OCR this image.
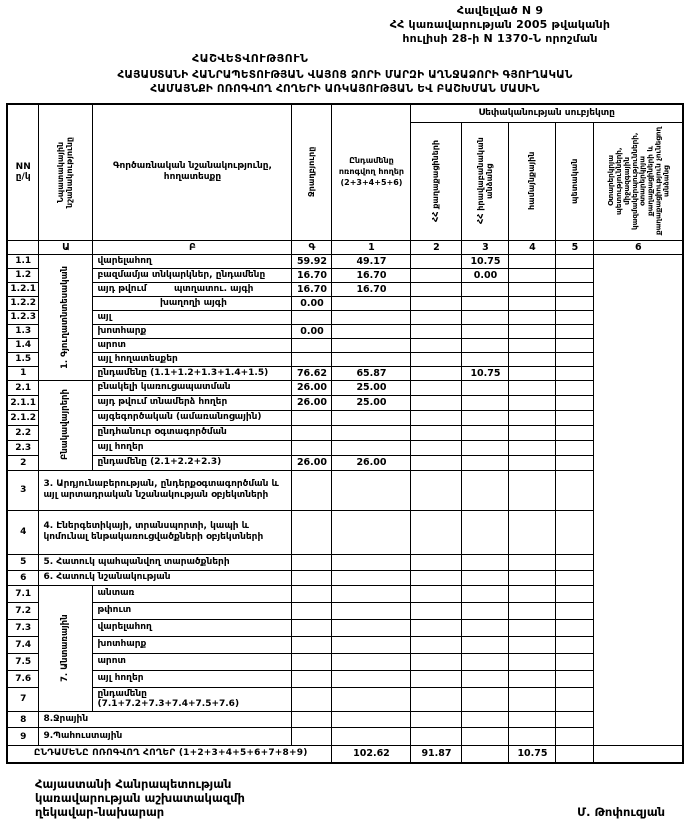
Հավելված N 9
ՀՀ կառավարության 2005 թվականի
հուլիսի 28-ի N 1370-Ն որոշման
ՀԱՇՎԵՏՎՈՒԹՅՈՒՆ
ՀԱՅԱՍՏԱՆԻ ՀԱՆՐԱՊԵՏՈՒԹՅԱՆ ՎԱՅՈՑ ՁՈՐԻ ՄԱՐԶԻ ԱՂՆՋԱՁՈՐԻ ԳՅՈՒՂԱԿԱՆ
ՀԱՄԱՅՆՔԻ ՈՌՈԳՎՈՂ ՀՈՂԵՐԻ ԱՌԿԱՅՈՒԹՅԱՆ ԵՎ ԲԱՇԽՄԱՆ ՄԱՍԻՆ
NN ը/կ	Նպատակային նշանակությունը	Գործառնական նշանակությունը, հողատեսքը	Ջրաղբյուրը	Ընդամենը ոռոգվող հողեր (2+3+4+5+6)	Սեփականության սուբյեկտը				

					ՀՀ քաղաքացիների	ՀՀ իրավաբանական անձանց	համայնքային	պետական	Օտարերկրյա պետությունների, միջազգային կազմակերպությունների, օտարերկրյա քաղաքացիների և քաղաքացիություն չունեցող անձանց

	Ա	Բ	Գ	1	2	3	4	5	6
1.1	1. Գյուղատնտեսական	վարելահող	59.92	49.17		10.75			
1.2		բազմամյա տնկարկներ, ընդամենը	16.70	16.70		0.00			
1.2.1		այդ թվում պտղատու. այգի	16.70	16.70					
1.2.2		խաղողի այգի	0.00						
1.2.3		այլ							
1.3		խոտհարք	0.00						
1.4		արոտ							
1.5		այլ հողատեսքեր							
1		ընդամենը (1.1+1.2+1.3+1.4+1.5)	76.62	65.87		10.75			
2.1	Բնակավայրերի	բնակելի կառուցապատման	26.00	25.00					
2.1.1		այդ թվում տնամերձ հողեր	26.00	25.00					
2.1.2		այգեգործական (ամառանոցային)							
2.2		ընդհանուր օգտագործման							
2.3		այլ հողեր							
2		ընդամենը (2.1+2.2+2.3)	26.00	26.00					
3	3. Արդյունաբերության, ընդերքօգտագործման և այլ արտադրական նշանակության օբյեկտների								
4	4. Էներգետիկայի, տրանսպորտի, կապի և կոմունալ ենթակառուցվածքների օբյեկտների								
5	5. Հատուկ պահպանվող տարածքների								
6	6. Հատուկ նշանակության								
7.1	7. Անտառային	անտառ							
7.2		թփուտ							
7.3		վարելահող							
7.4		խոտհարք							
7.5		արոտ							
7.6		այլ հողեր							
7		ընդամենը (7.1+7.2+7.3+7.4+7.5+7.6)							
8	8.Ջրային								
9	9.Պահուստային								
ԸՆԴԱՄԵՆԸ ՈՌՈԳՎՈՂ ՀՈՂԵՐ (1+2+3+4+5+6+7+8+9)				102.62	91.87		10.75		
Հայաստանի Հանրապետության
կառավարության աշխատակազմի
ղեկավար-նախարար	Մ. Թոփուզյան
